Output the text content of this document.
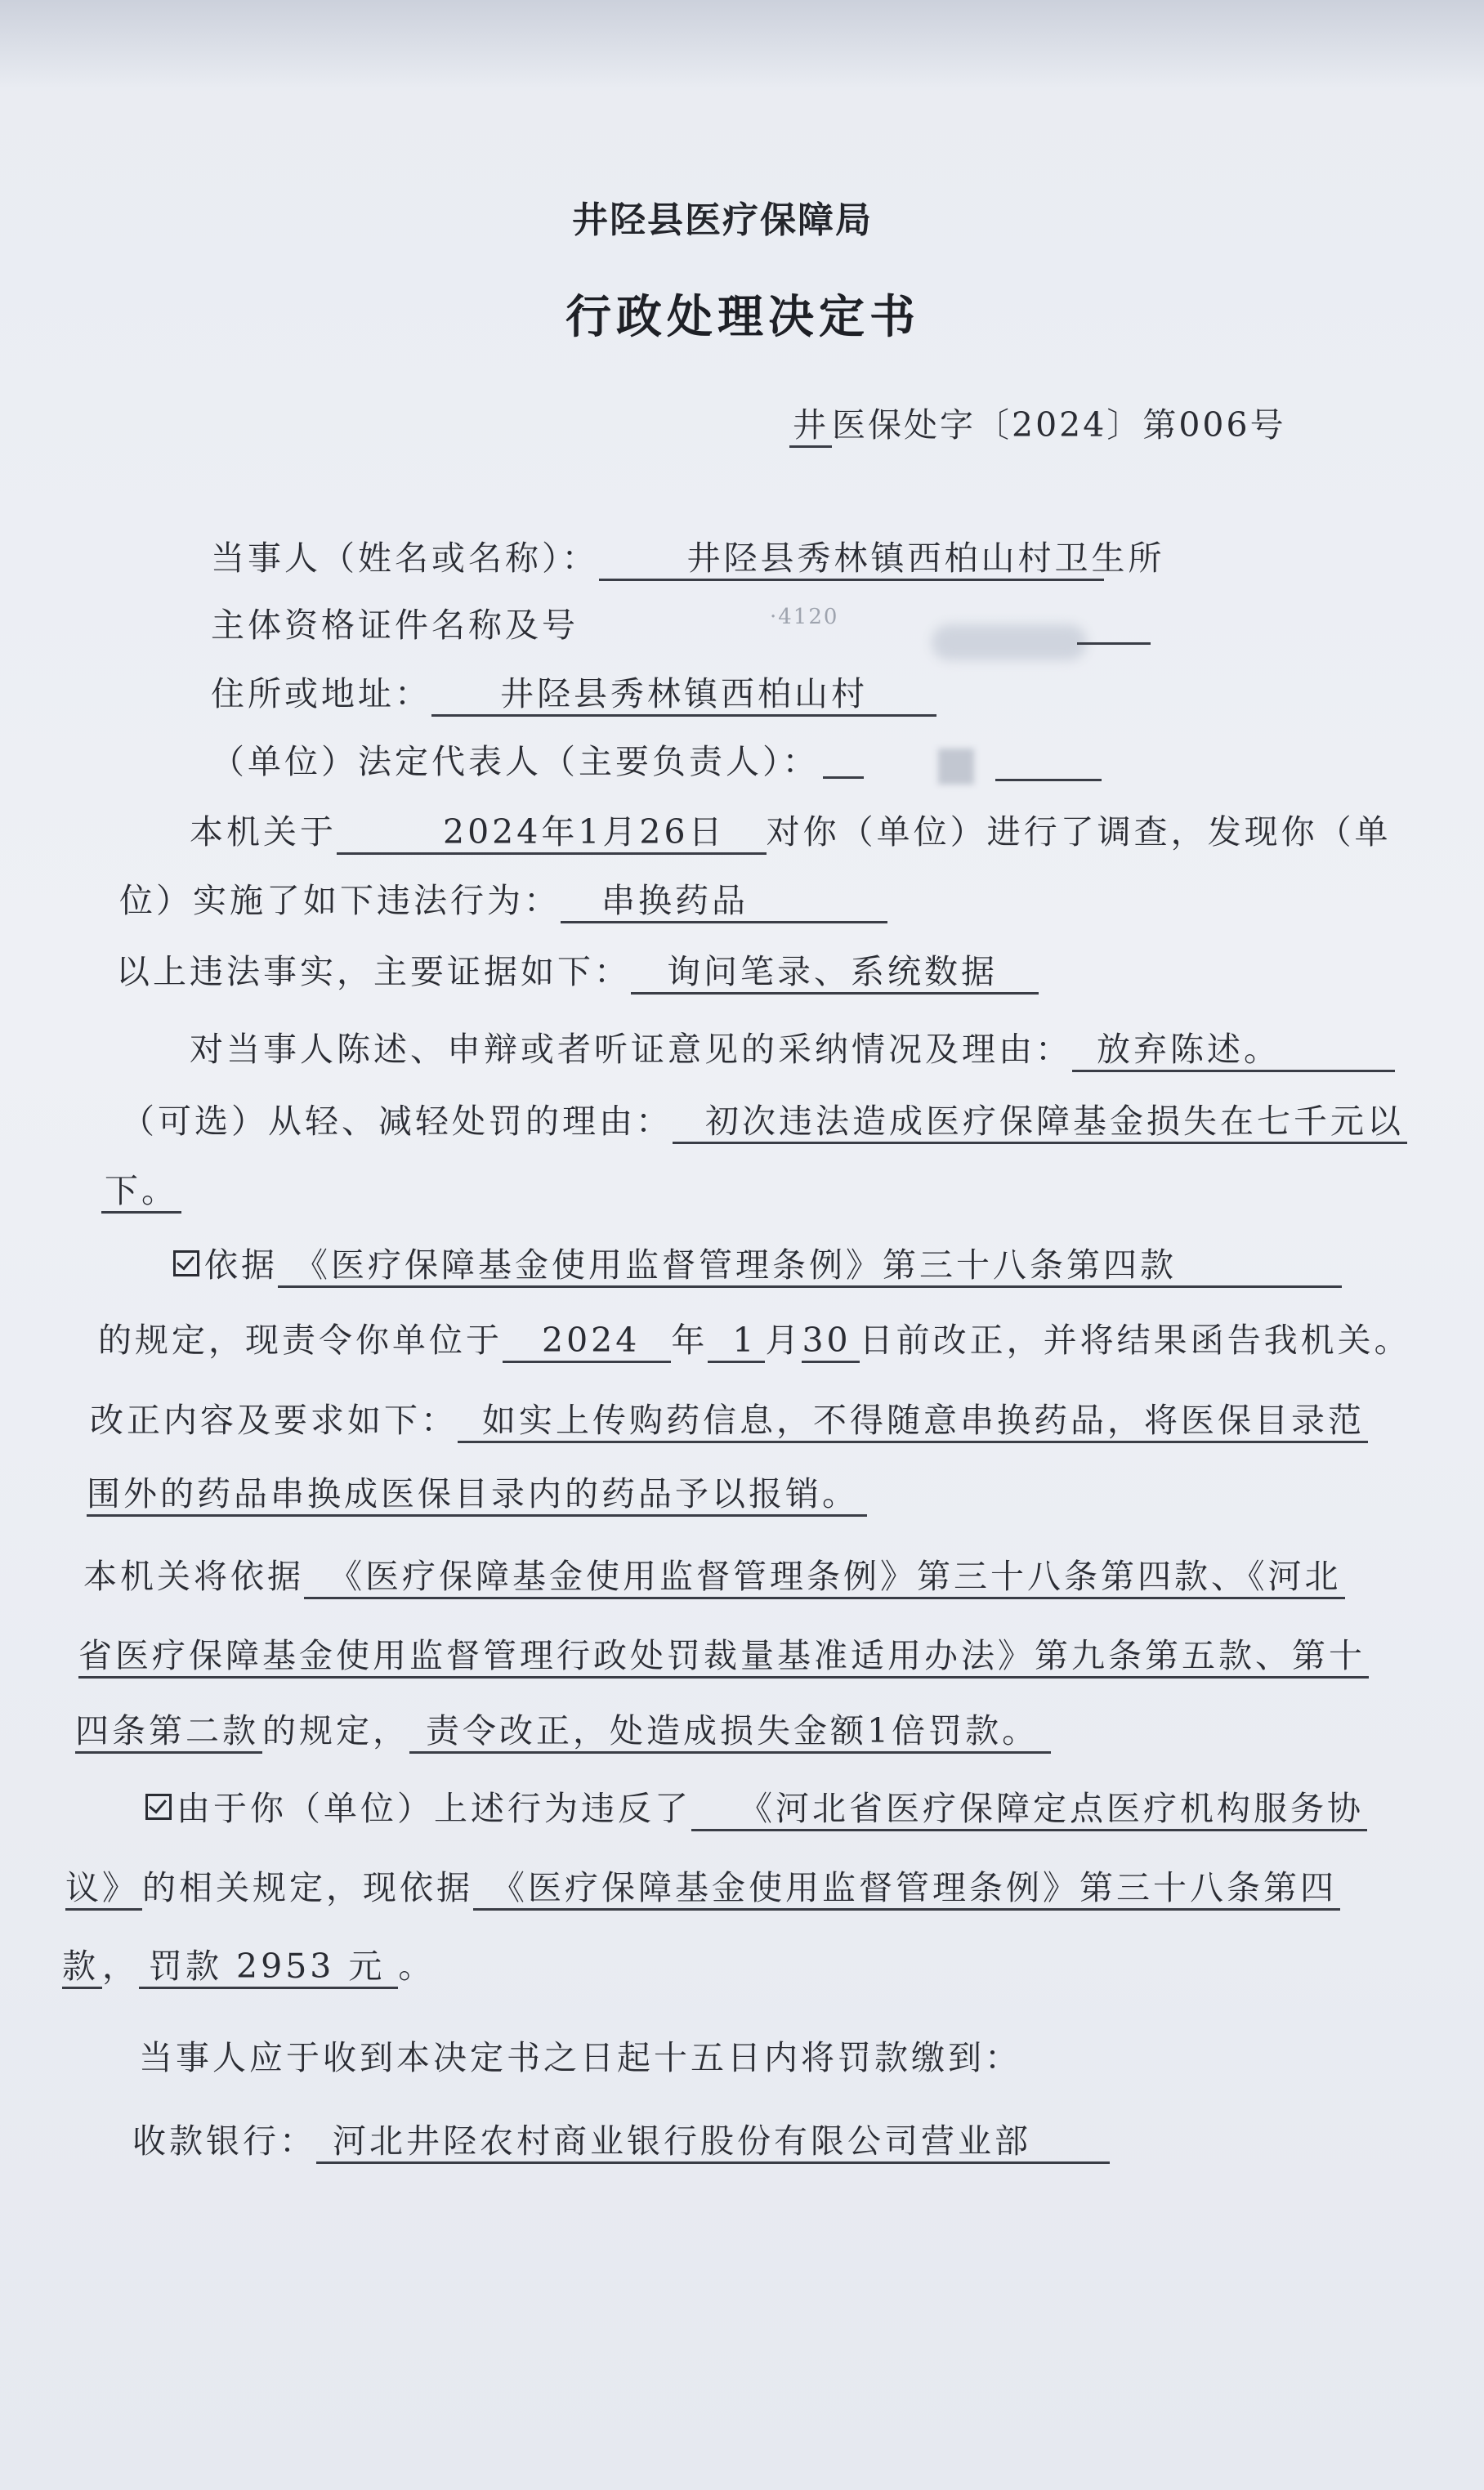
井陉县医疗保障局
行政处理决定书
井医保处字〔2024〕第006号
当事人（姓名或名称）：	井陉县秀林镇西柏山村卫生所
主体资格证件名称及号	·4120
住所或地址： 井陉县秀林镇西柏山村
（单位）法定代表人（主要负责人）：
本机关于	2024年1月26日 对你（单位）进行了调查，发现你（单
位）实施了如下违法行为： 串换药品
以上违法事实，主要证据如下： 询问笔录、系统数据
对当事人陈述、申辩或者听证意见的采纳情况及理由： 放弃陈述。
（可选）从轻、减轻处罚的理由： 初次违法造成医疗保障基金损失在七千元以
下。
依据 《医疗保障基金使用监督管理条例》第三十八条第四款
的规定，现责令你单位于 2024 年 1 月30 日前改正，并将结果函告我机关。
改正内容及要求如下： 如实上传购药信息，不得随意串换药品，将医保目录范
围外的药品串换成医保目录内的药品予以报销。
本机关将依据 《医疗保障基金使用监督管理条例》第三十八条第四款、《河北
省医疗保障基金使用监督管理行政处罚裁量基准适用办法》第九条第五款、第十
四条第二款的规定， 责令改正，处造成损失金额1倍罚款。
由于你（单位）上述行为违反了 《河北省医疗保障定点医疗机构服务协
议》的相关规定，现依据 《医疗保障基金使用监督管理条例》第三十八条第四
款， 罚款 2953 元 。
当事人应于收到本决定书之日起十五日内将罚款缴到：
收款银行： 河北井陉农村商业银行股份有限公司营业部
